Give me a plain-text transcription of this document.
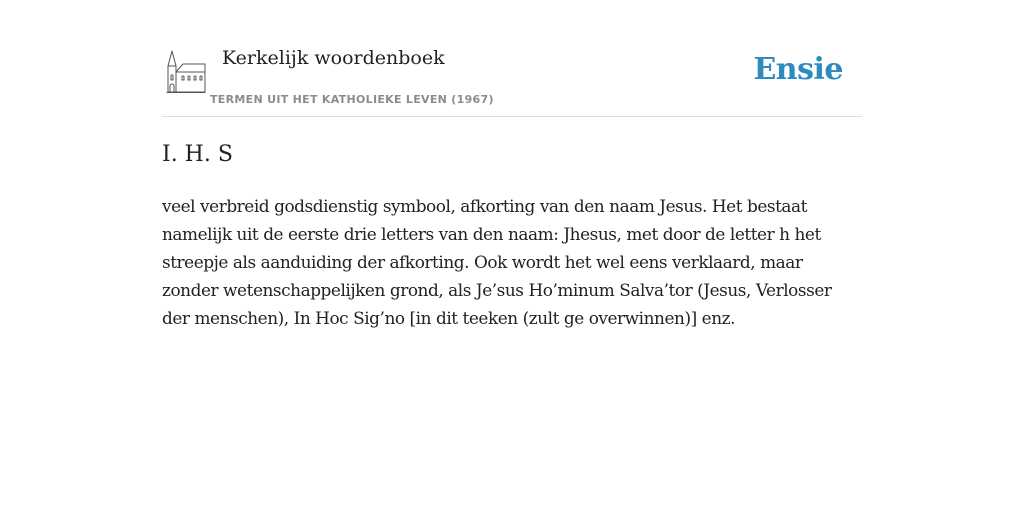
Kerkelijk woordenboek
TERMEN UIT HET KATHOLIEKE LEVEN (1967)
Ensie
I. H. S

veel verbreid godsdienstig symbool, afkorting van den naam Jesus. Het bestaat namelijk uit de eerste drie letters van den naam: Jhesus, met door de letter h het streepje als aanduiding der afkorting. Ook wordt het wel eens verklaard, maar zonder wetenschappelijken grond, als Je’sus Ho’minum Salva’tor (Jesus, Verlosser der menschen), In Hoc Sig’no [in dit teeken (zult ge overwinnen)] enz.
